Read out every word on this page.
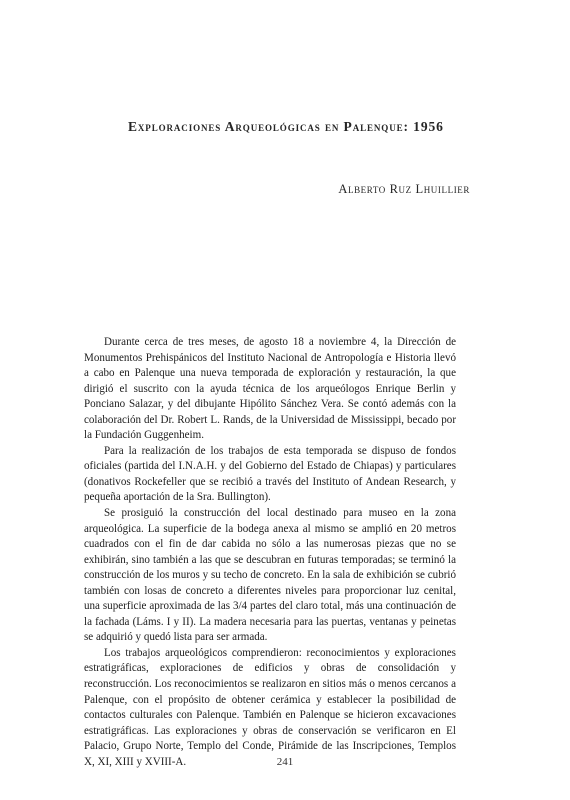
Exploraciones Arqueológicas en Palenque: 1956
Alberto Ruz Lhuillier

Durante cerca de tres meses, de agosto 18 a noviembre 4, la Dirección de Monumentos Prehispánicos del Instituto Nacional de Antropología e Historia llevó a cabo en Palenque una nueva temporada de exploración y restauración, la que dirigió el suscrito con la ayuda técnica de los arqueólogos Enrique Berlin y Ponciano Salazar, y del dibujante Hipólito Sánchez Vera. Se contó además con la colaboración del Dr. Robert L. Rands, de la Universidad de Mississippi, becado por la Fundación Guggenheim.

Para la realización de los trabajos de esta temporada se dispuso de fondos oficiales (partida del I.N.A.H. y del Gobierno del Estado de Chiapas) y particulares (donativos Rockefeller que se recibió a través del Instituto of Andean Research, y pequeña aportación de la Sra. Bullington).

Se prosiguió la construcción del local destinado para museo en la zona arqueológica. La superficie de la bodega anexa al mismo se amplió en 20 metros cuadrados con el fin de dar cabida no sólo a las numerosas piezas que no se exhibirán, sino también a las que se descubran en futuras temporadas; se terminó la construcción de los muros y su techo de concreto. En la sala de exhibición se cubrió también con losas de concreto a diferentes niveles para proporcionar luz cenital, una superficie aproximada de las 3/4 partes del claro total, más una continuación de la fachada (Láms. I y II). La madera necesaria para las puertas, ventanas y peinetas se adquirió y quedó lista para ser armada.

Los trabajos arqueológicos comprendieron: reconocimientos y exploraciones estratigráficas, exploraciones de edificios y obras de consolidación y reconstrucción. Los reconocimientos se realizaron en sitios más o menos cercanos a Palenque, con el propósito de obtener cerámica y establecer la posibilidad de contactos culturales con Palenque. También en Palenque se hicieron excavaciones estratigráficas. Las exploraciones y obras de conservación se verificaron en El Palacio, Grupo Norte, Templo del Conde, Pirámide de las Inscripciones, Templos X, XI, XIII y XVIII-A.	241
